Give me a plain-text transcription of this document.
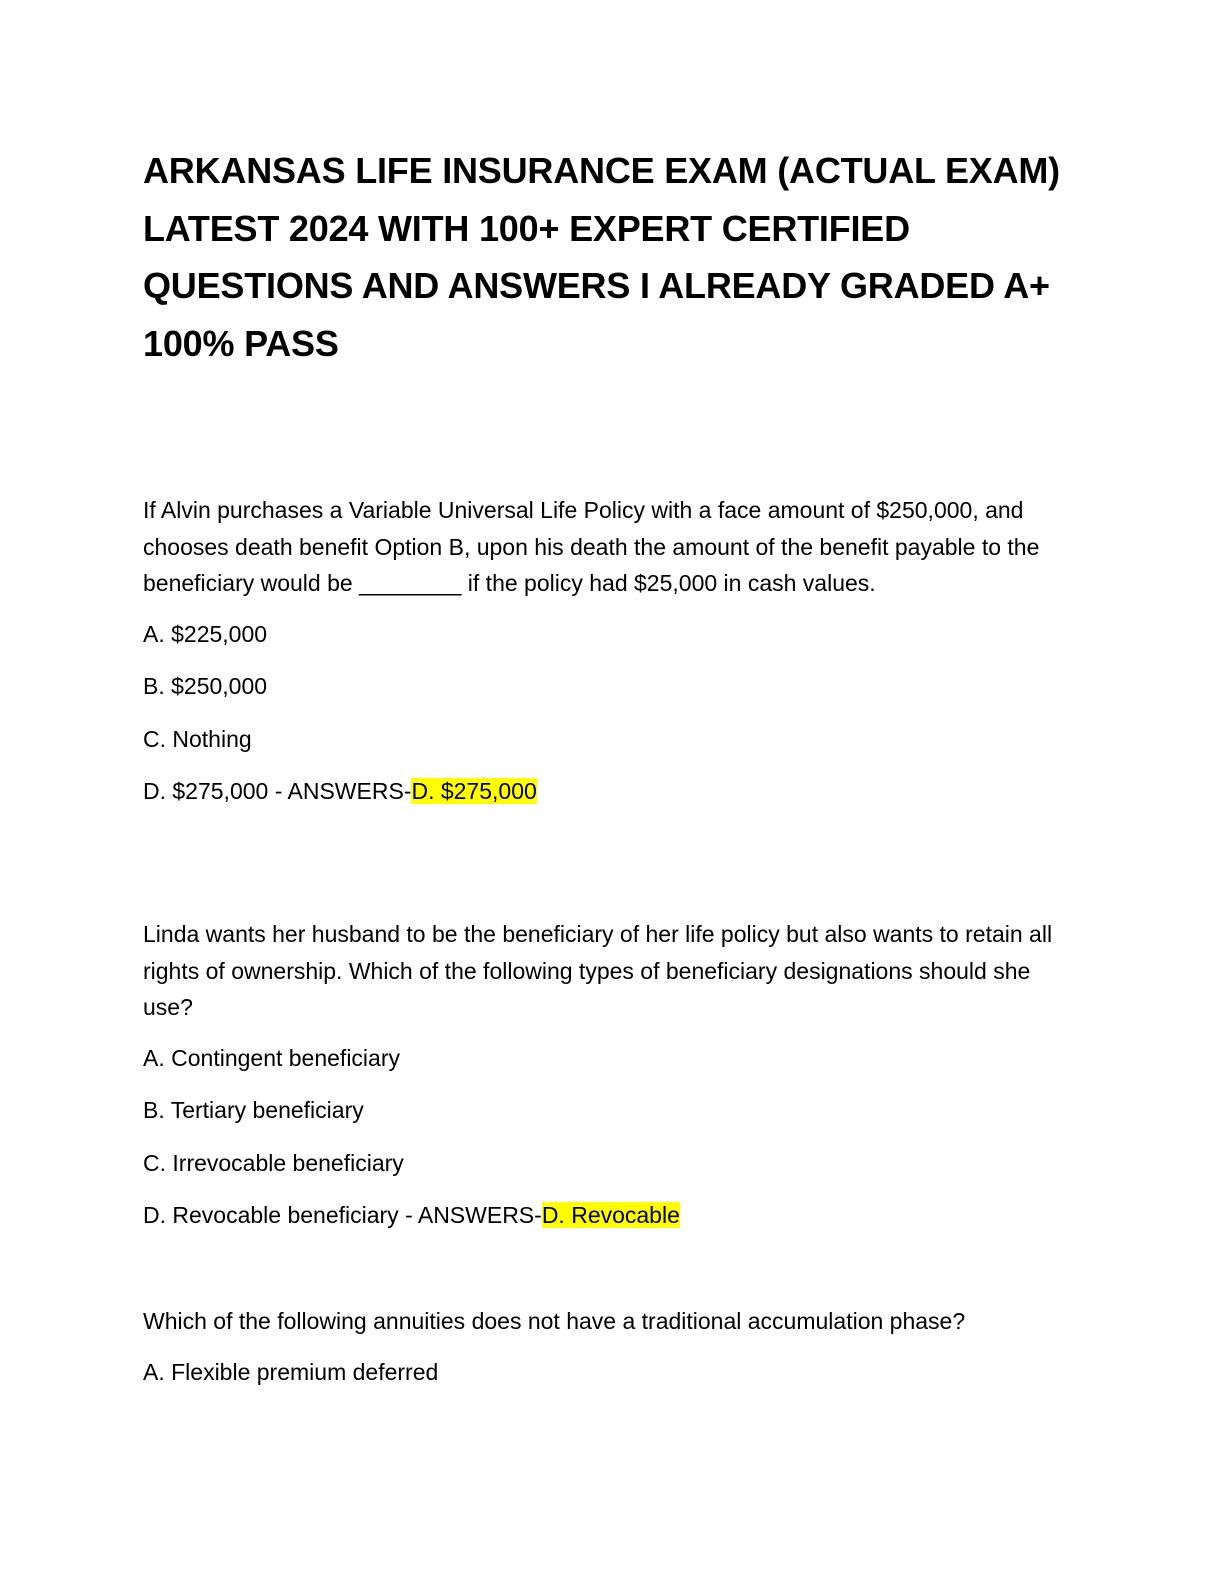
ARKANSAS LIFE INSURANCE EXAM (ACTUAL EXAM) LATEST 2024 WITH 100+ EXPERT CERTIFIED QUESTIONS AND ANSWERS I ALREADY GRADED A+ 100% PASS

If Alvin purchases a Variable Universal Life Policy with a face amount of $250,000, and chooses death benefit Option B, upon his death the amount of the benefit payable to the beneficiary would be ________ if the policy had $25,000 in cash values.

A. $225,000

B. $250,000

C. Nothing

D. $275,000 - ANSWERS-D. $275,000

Linda wants her husband to be the beneficiary of her life policy but also wants to retain all rights of ownership. Which of the following types of beneficiary designations should she use?

A. Contingent beneficiary

B. Tertiary beneficiary

C. Irrevocable beneficiary

D. Revocable beneficiary - ANSWERS-D. Revocable

Which of the following annuities does not have a traditional accumulation phase?

A. Flexible premium deferred
